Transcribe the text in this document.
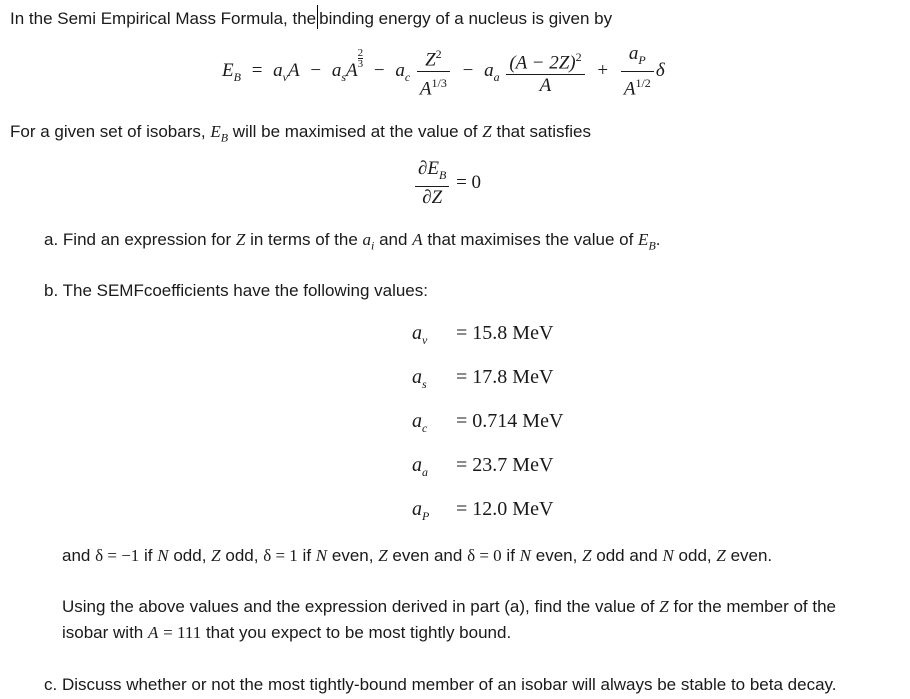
In the Semi Empirical Mass Formula, the binding energy of a nucleus is given by
$E_B = a_vA - a_sA$
$\frac{2}{3}$
− $a_c \frac{Z^2}{A^{1/3}} - a_a \frac{(A - 2Z)^2}{A} + \frac{a_P}{A^{1/2}}$ δ
For a given set of isobars, $E_B$ will be maximised at the value of Z that satisfies
$\frac{\partial E_B}{\partial Z} = 0$
a. Find an expression for Z in terms of the $a_i$ and A that maximises the value of $E_B$.
b. The SEMFcoefficients have the following values:
$a_v = 15.8$ MeV
$a_s = 17.8$ MeV
$a_c = 0.714$ MeV
$a_a = 23.7$ MeV
$a_P = 12.0$ MeV
and δ = −1 if N odd, Z odd, δ = 1 if N even, Z even and δ = 0 if N even, Z odd and N odd, Z even.
Using the above values and the expression derived in part (a), find the value of Z for the member of the
isobar with A = 111 that you expect to be most tightly bound.
c. Discuss whether or not the most tightly-bound member of an isobar will always be stable to beta decay.
